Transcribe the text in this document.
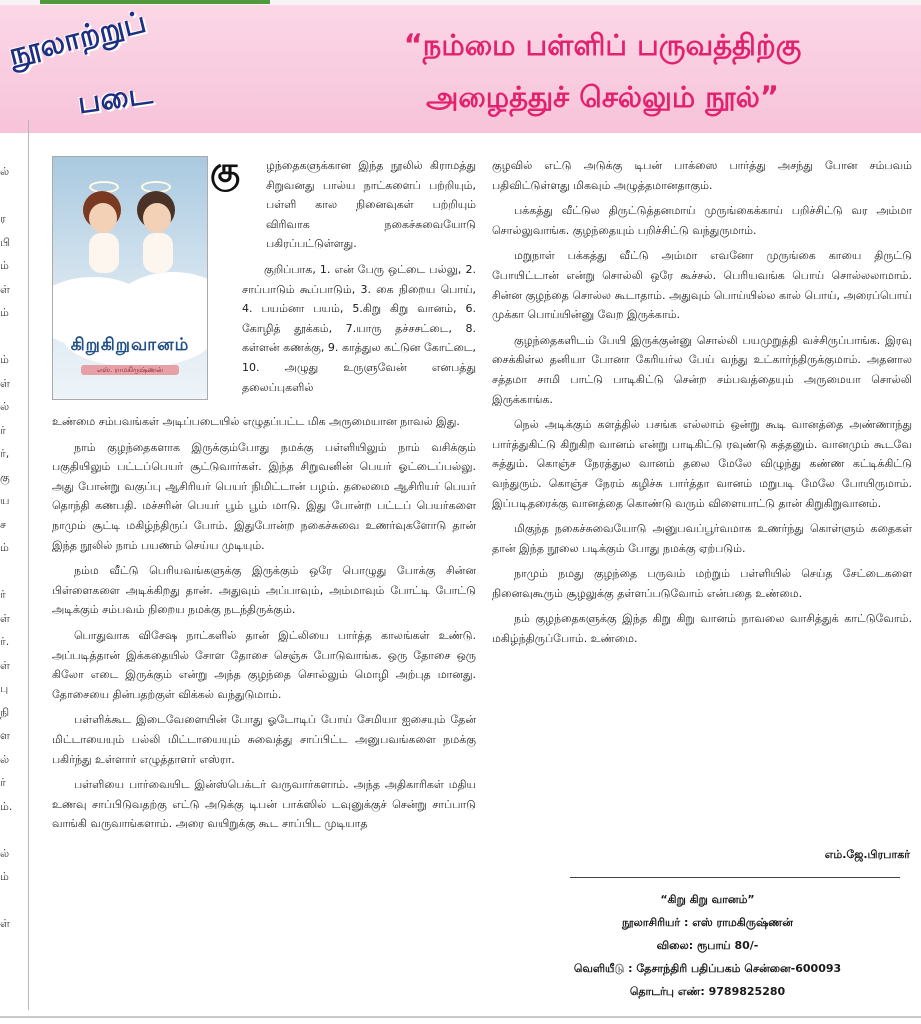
நூலாற்றுப்
படை
“நம்மை பள்ளிப் பருவத்திற்கு
அழைத்துச் செல்லும் நூல்”
ல்
ர
பி
ம்
ள்
ம்
ம்
ள்
ல்
ர்
ர்,
கு
ய
ச
ம்
ர்
ள்
ர்.
ள்
பு
நி
ள
ல்
ர்
ம்.
ல்
ம்
ள்
கிறுகிறுவானம்
எஸ். ராமகிருஷ்ணன்
கு	ழந்தைகளுக்கான இந்த நூலில் கிராமத்து சிறுவனது பால்ய நாட்களைப் பற்றியும், பள்ளி கால நினைவுகள் பற்றியும் விரிவாக நகைச்சுவையோடு பகிரப்பட்டுள்ளது.

குறிப்பாக, 1. என் பேரு ஒட்டை பல்லு, 2. சாப்பாடும் கூப்பாடும், 3. கை நிறைய பொய், 4. பயம்னா பயம், 5.கிறு கிறு வானம், 6. கோழித் தூக்கம், 7.யாரு தச்சசட்டை, 8. கள்ளன் கணக்கு, 9. காத்துல கட்டுன கோட்டை, 10. அழுது உருளுவேன் எனபத்து தலைப்புகளில்

உண்மை சம்பவங்கள் அடிப்படையில் எழுதப்பட்ட மிக அருமையான நாவல் இது.

நாம் குழந்தைகளாக இருக்கும்போது நமக்கு பள்ளியிலும் நாம் வசிக்கும் பகுதியிலும் பட்டப்பெயர் சூட்டுவார்கள். இந்த சிறுவனின் பெயர் ஓட்டைப்பல்லு. அது போன்று வகுப்பு ஆசிரியர் பெயர் நிமிட்டான் பழம். தலைமை ஆசிரியர் பெயர் தொந்தி கணபதி. மச்சரின் பெயர் பூம் பூம் மாடு. இது போன்ற பட்டப் பெயர்களை நாமும் சூட்டி மகிழ்ந்திருப் போம். இதுபோன்ற நகைச்சுவை உணர்வுகளோடு தான் இந்த நூலில் நாம் பயணம் செய்ய முடியும்.

நம்ம வீட்டு பெரியவங்களுக்கு இருக்கும் ஒரே பொழுது போக்கு சின்ன பிள்ளைகளை அடிக்கிறது தான். அதுவும் அப்பாவும், அம்மாவும் போட்டி போட்டு அடிக்கும் சம்பவம் நிறைய நமக்கு நடந்திருக்கும்.

பொதுவாக விசேஷ நாட்களில் தான் இட்லியை பார்த்த காலங்கள் உண்டு. அப்படித்தான் இக்கதையில் சோள தோசை செஞ்சு போடுவாங்க. ஒரு தோசை ஒரு கிலோ எடை இருக்கும் என்று அந்த குழந்தை சொல்லும் மொழி அற்புத மானது. தோசையை தின்பதற்குள் விக்கல் வந்துடுமாம்.

பள்ளிக்கூட இடைவேளையின் போது ஓடோடிப் போய் சேமியா ஐசையும் தேன் மிட்டாயையும் பல்லி மிட்டாயையும் சுவைத்து சாப்பிட்ட அனுபவங்களை நமக்கு பகிர்ந்து உள்ளார் எழுத்தாளர் எஸ்ரா.

பள்ளியை பார்வையிட இன்ஸ்பெக்டர் வருவார்களாம். அந்த அதிகாரிகள் மதிய உணவு சாப்பிடுவதற்கு எட்டு அடுக்கு டிபன் பாக்ஸில் டவுனுக்குச் சென்று சாப்பாடு வாங்கி வருவாங்களாம். அரை வயிறுக்கு கூட சாப்பிட முடியாத

குழவில் எட்டு அடுக்கு டிபன் பாக்ஸை பார்த்து அசந்து போன சம்பவம் பதிவிட்டுள்ளது மிகவும் அழுத்தமானதாகும்.

பக்கத்து வீட்டுல திருட்டுத்தனமாய் முருங்கைக்காய் பறிச்சிட்டு வர அம்மா சொல்லுவாங்க. குழந்தையும் பறிச்சிட்டு வந்துருமாம்.

மறுநாள் பக்கத்து வீட்டு அம்மா எவனோ முருங்கை காயை திருட்டு போயிட்டான் என்று சொல்லி ஒரே கூச்சல். பெரியவங்க பொய் சொல்லலாமாம். சின்ன குழந்தை சொல்ல கூடாதாம். அதுவும் பொய்யில்ல கால் பொய், அரைப்பொய் முக்கா பொய்யின்னு வேற இருக்காம்.

குழந்தைகளிடம் பேயி இருக்குன்னு சொல்லி பயமுறுத்தி வச்சிருப்பாங்க. இரவு சைக்கிள்ல தனியா போனா கேரியர்ல பேய் வந்து உட்கார்ந்திருக்குமாம். அதனால சத்தமா சாமி பாட்டு பாடிகிட்டு சென்ற சம்பவத்தையும் அருமையா சொல்லி இருக்காங்க.

நெல் அடிக்கும் களத்தில் பசங்க எல்லாம் ஒன்று கூடி வானத்தை அண்ணாந்து பார்த்துகிட்டு கிறுகிற வானம் என்று பாடிகிட்டு ரவுண்டு சுத்தனும். வானமும் கூடவே சுத்தும். கொஞ்ச நேரத்துல வானம் தலை மேலே விழுந்து கண்ண கட்டிக்கிட்டு வந்துரும். கொஞ்ச நேரம் கழிச்சு பார்த்தா வானம் மறுபடி மேலே போயிருமாம். இப்படிதரைக்கு வானத்தை கொண்டு வரும் விளையாட்டு தான் கிறுகிறுவானம்.

மிகுந்த நகைச்சுவையோடு அனுபவப்பூர்வமாக உணர்ந்து கொள்ளும் கதைகள் தான் இந்த நூலை படிக்கும் போது நமக்கு ஏற்படும்.

நாமும் நமது குழந்தை பருவம் மற்றும் பள்ளியில் செய்த சேட்டைகளை நினைவுகூரும் சூழலுக்கு தள்ளப்படுவோம் என்பதை உண்மை.

நம் குழந்தைகளுக்கு இந்த கிறு கிறு வானம் நாவலை வாசித்துக் காட்டுவோம். மகிழ்ந்திருப்போம். உண்மை.

எம்.ஜே.பிரபாகர்
“கிறு கிறு வானம்”
நூலாசிரியர் : எஸ் ராமகிருஷ்ணன்
விலை: ரூபாய் 80/-
வெளியீடு : தேசாந்திரி பதிப்பகம் சென்னை-600093
தொடர்பு எண்: 9789825280
